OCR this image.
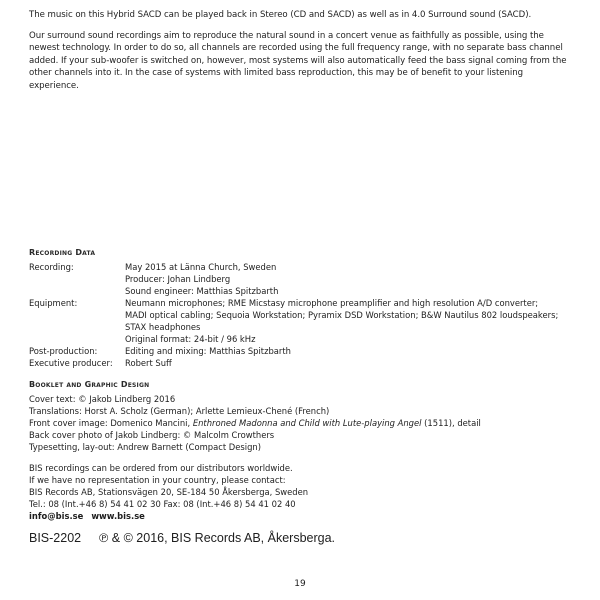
The music on this Hybrid SACD can be played back in Stereo (CD and SACD) as well as in 4.0 Surround sound (SACD).

Our surround sound recordings aim to reproduce the natural sound in a concert venue as faithfully as possible, using the newest technology. In order to do so, all channels are recorded using the full frequency range, with no separate bass channel added. If your sub-woofer is switched on, however, most systems will also automatically feed the bass signal coming from the other channels into it. In the case of systems with limited bass reproduction, this may be of benefit to your listening experience.

Recording Data
Recording:	May 2015 at Länna Church, Sweden
Producer: Johan Lindberg
Sound engineer: Matthias Spitzbarth
Equipment:	Neumann microphones; RME Micstasy microphone preamplifier and high resolution A/D converter;
MADI optical cabling; Sequoia Workstation; Pyramix DSD Workstation; B&W Nautilus 802 loudspeakers;
STAX headphones
Original format: 24-bit / 96 kHz
Post-production:	Editing and mixing: Matthias Spitzbarth
Executive producer:	Robert Suff
Booklet and Graphic Design
Cover text: © Jakob Lindberg 2016
Translations: Horst A. Scholz (German); Arlette Lemieux-Chené (French)
Front cover image: Domenico Mancini, Enthroned Madonna and Child with Lute-playing Angel (1511), detail
Back cover photo of Jakob Lindberg: © Malcolm Crowthers
Typesetting, lay-out: Andrew Barnett (Compact Design)
BIS recordings can be ordered from our distributors worldwide.
If we have no representation in your country, please contact:
BIS Records AB, Stationsvägen 20, SE-184 50 Åkersberga, Sweden
Tel.: 08 (Int.+46 8) 54 41 02 30 Fax: 08 (Int.+46 8) 54 41 02 40
info@bis.se www.bis.se
BIS-2202 ℗ & © 2016, BIS Records AB, Åkersberga.
19
